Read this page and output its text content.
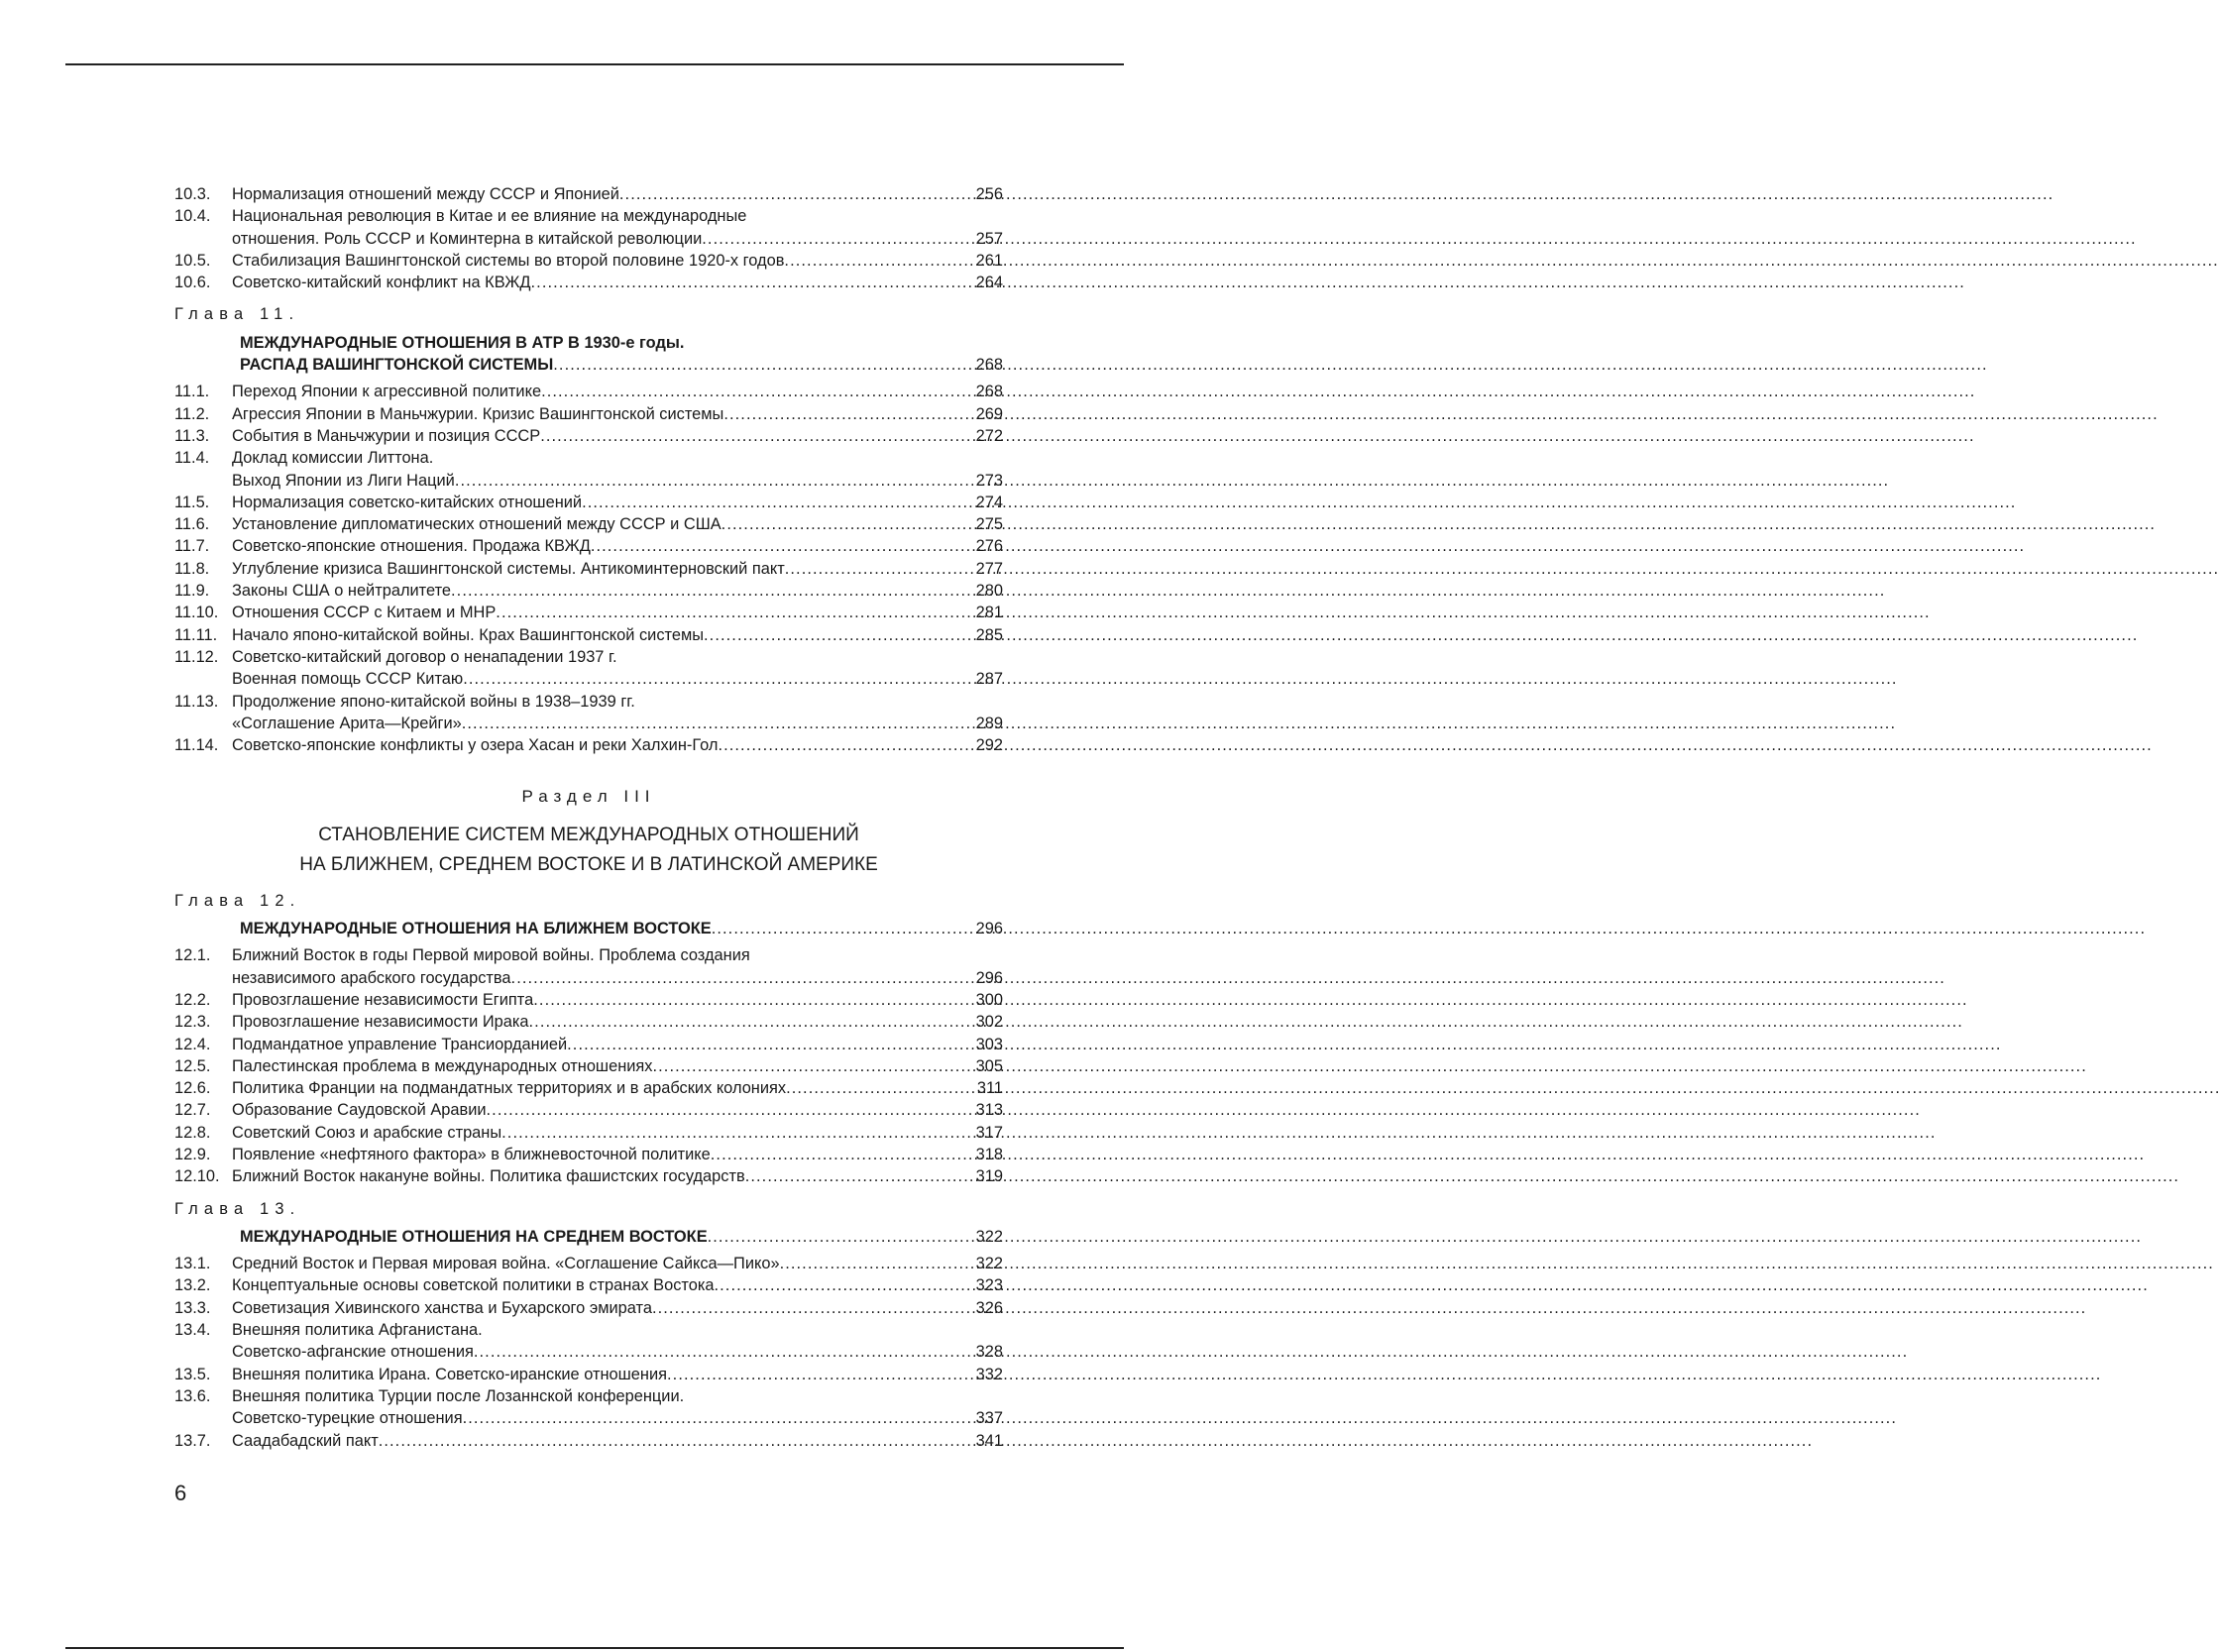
10.3.	Нормализация отношений между СССР и Японией .....	256
10.4.	Национальная революция в Китае и ее влияние на международные
отношения. Роль СССР и Коминтерна в китайской революции .....	257
10.5.	Стабилизация Вашингтонской системы во второй половине 1920-х годов .....	261
10.6.	Советско-китайский конфликт на КВЖД .....	264
Глава 11.
МЕЖДУНАРОДНЫЕ ОТНОШЕНИЯ В АТР В 1930-е годы.
РАСПАД ВАШИНГТОНСКОЙ СИСТЕМЫ .....	268
11.1.	Переход Японии к агрессивной политике .....	268
11.2.	Агрессия Японии в Маньчжурии. Кризис Вашингтонской системы .....	269
11.3.	События в Маньчжурии и позиция СССР .....	272
11.4.	Доклад комиссии Литтона.
Выход Японии из Лиги Наций .....	273
11.5.	Нормализация советско-китайских отношений .....	274
11.6.	Установление дипломатических отношений между СССР и США .....	275
11.7.	Советско-японские отношения. Продажа КВЖД .....	276
11.8.	Углубление кризиса Вашингтонской системы. Антикоминтерновский пакт .....	277
11.9.	Законы США о нейтралитете .....	280
11.10. Отношения СССР с Китаем и МНР .....	281
11.11. Начало японо-китайской войны. Крах Вашингтонской системы .....	285
11.12. Советско-китайский договор о ненападении 1937 г.
Военная помощь СССР Китаю .....	287
11.13. Продолжение японо-китайской войны в 1938–1939 гг.
«Соглашение Арита—Крейги» .....	289
11.14. Советско-японские конфликты у озера Хасан и реки Халхин-Гол .....	292
Раздел III
СТАНОВЛЕНИЕ СИСТЕМ МЕЖДУНАРОДНЫХ ОТНОШЕНИЙ
НА БЛИЖНЕМ, СРЕДНЕМ ВОСТОКЕ И В ЛАТИНСКОЙ АМЕРИКЕ
Глава 12.
МЕЖДУНАРОДНЫЕ ОТНОШЕНИЯ НА БЛИЖНЕМ ВОСТОКЕ .....	296
12.1.	Ближний Восток в годы Первой мировой войны. Проблема создания
независимого арабского государства .....	296
12.2.	Провозглашение независимости Египта .....	300
12.3.	Провозглашение независимости Ирака .....	302
12.4.	Подмандатное управление Трансиорданией .....	303
12.5.	Палестинская проблема в международных отношениях .....	305
12.6.	Политика Франции на подмандатных территориях и в арабских колониях .....	311
12.7.	Образование Саудовской Аравии .....	313
12.8.	Советский Союз и арабские страны .....	317
12.9.	Появление «нефтяного фактора» в ближневосточной политике .....	318
12.10. Ближний Восток накануне войны. Политика фашистских государств .....	319
Глава 13.
МЕЖДУНАРОДНЫЕ ОТНОШЕНИЯ НА СРЕДНЕМ ВОСТОКЕ .....	322
13.1.	Средний Восток и Первая мировая война. «Соглашение Сайкса—Пико» .....	322
13.2.	Концептуальные основы советской политики в странах Востока .....	323
13.3.	Советизация Хивинского ханства и Бухарского эмирата .....	326
13.4.	Внешняя политика Афганистана.
Советско-афганские отношения .....	328
13.5.	Внешняя политика Ирана. Советско-иранские отношения .....	332
13.6.	Внешняя политика Турции после Лозаннской конференции.
Советско-турецкие отношения .....	337
13.7.	Саадабадский пакт .....	341
6
